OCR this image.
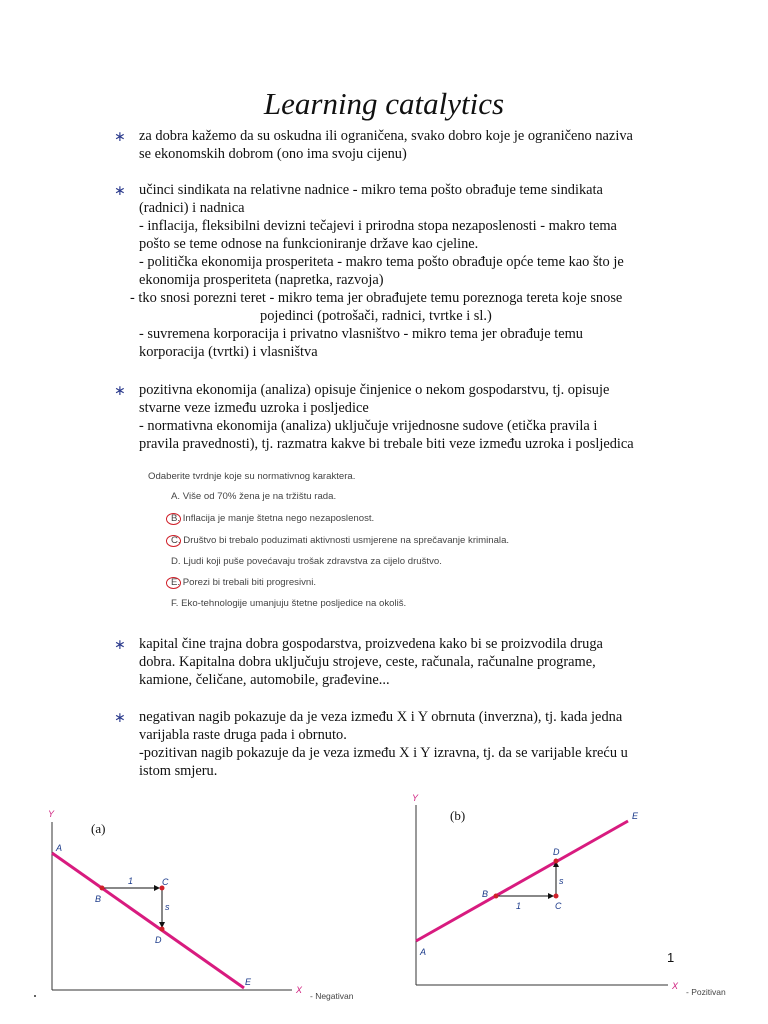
Learning catalytics
∗ za dobra kažemo da su oskudna ili ograničena, svako dobro koje je ograničeno naziva
se ekonomskih dobrom (ono ima svoju cijenu)
∗ učinci sindikata na relativne nadnice - mikro tema pošto obrađuje teme sindikata
(radnici) i nadnica
- inflacija, fleksibilni devizni tečajevi i prirodna stopa nezaposlenosti - makro tema
pošto se teme odnose na funkcioniranje države kao cjeline.
- politička ekonomija prosperiteta - makro tema pošto obrađuje opće teme kao što je
ekonomija prosperiteta (napretka, razvoja)
- tko snosi porezni teret - mikro tema jer obrađujete temu poreznoga tereta koje snose
pojedinci (potrošači, radnici, tvrtke i sl.)
- suvremena korporacija i privatno vlasništvo - mikro tema jer obrađuje temu
korporacija (tvrtki) i vlasništva
∗ pozitivna ekonomija (analiza) opisuje činjenice o nekom gospodarstvu, tj. opisuje
stvarne veze između uzroka i posljedice
- normativna ekonomija (analiza) uključuje vrijednosne sudove (etička pravila i
pravila pravednosti), tj. razmatra kakve bi trebale biti veze između uzroka i posljedica
Odaberite tvrdnje koje su normativnog karaktera.
A. Više od 70% žena je na tržištu rada.
B. Inflacija je manje štetna nego nezaposlenost.
C. Društvo bi trebalo poduzimati aktivnosti usmjerene na sprečavanje kriminala.
D. Ljudi koji puše povećavaju trošak zdravstva za cijelo društvo.
E. Porezi bi trebali biti progresivni.
F. Eko-tehnologije umanjuju štetne posljedice na okoliš.
∗ kapital čine trajna dobra gospodarstva, proizvedena kako bi se proizvodila druga
dobra. Kapitalna dobra uključuju strojeve, ceste, računala, računalne programe,
kamione, čeličane, automobile, građevine...
∗ negativan nagib pokazuje da je veza između X i Y obrnuta (inverzna), tj. kada jedna
varijabla raste druga pada i obrnuto.
-pozitivan nagib pokazuje da je veza između X i Y izravna, tj. da se varijable kreću u
istom smjeru.
Y
X
(a)
A
B
C
D
E
1
s
- Negativan
Y
X
(b)
A
B
C
D
E
1
s
- Pozitivan
1
